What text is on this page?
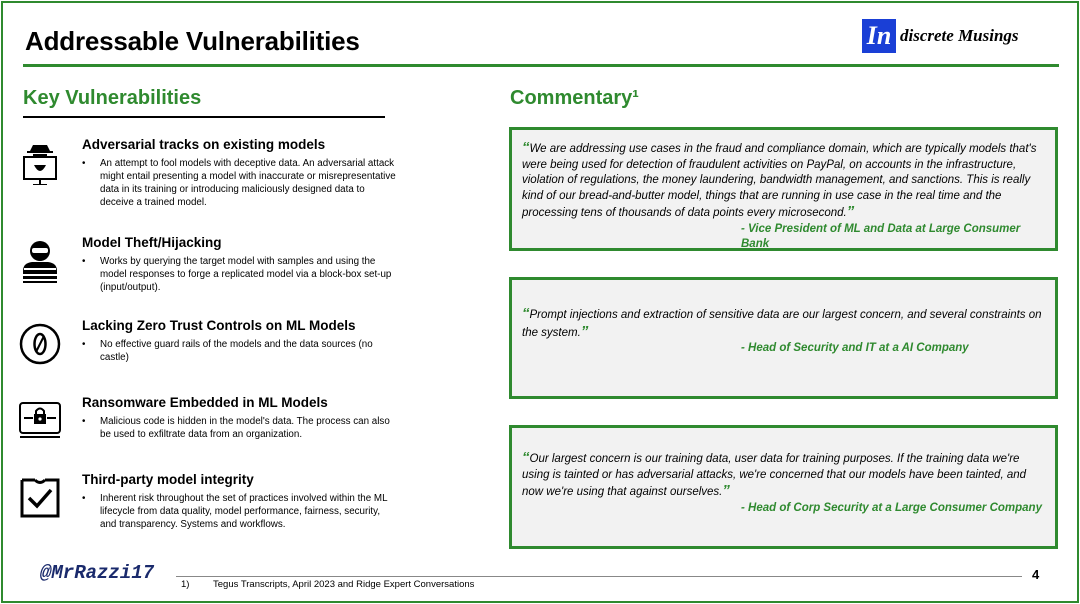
Addressable Vulnerabilities	In discrete Musings
Key Vulnerabilities	Commentary¹
Adversarial tracks on existing models
• An attempt to fool models with deceptive data. An adversarial attack might entail presenting a model with inaccurate or misrepresentative data in its training or introducing maliciously designed data to deceive a trained model.
Model Theft/Hijacking
• Works by querying the target model with samples and using the model responses to forge a replicated model via a block-box set-up (input/output).
Lacking Zero Trust Controls on ML Models
• No effective guard rails of the models and the data sources (no castle)
Ransomware Embedded in ML Models
• Malicious code is hidden in the model's data. The process can also be used to exfiltrate data from an organization.
Third-party model integrity
• Inherent risk throughout the set of practices involved within the ML lifecycle from data quality, model performance, fairness, security, and transparency. Systems and workflows.
“We are addressing use cases in the fraud and compliance domain, which are typically models that's were being used for detection of fraudulent activities on PayPal, on accounts in the infrastructure, violation of regulations, the money laundering, bandwidth management, and sanctions. This is really kind of our bread-and-butter model, things that are running in use case in the real time and the processing tens of thousands of data points every microsecond.”
- Vice President of ML and Data at Large Consumer Bank
“Prompt injections and extraction of sensitive data are our largest concern, and several constraints on the system.”
- Head of Security and IT at a AI Company
“Our largest concern is our training data, user data for training purposes. If the training data we're using is tainted or has adversarial attacks, we're concerned that our models have been tainted, and now we're using that against ourselves.”
- Head of Corp Security at a Large Consumer Company
@MrRazzi17
1) Tegus Transcripts, April 2023 and Ridge Expert Conversations
4
